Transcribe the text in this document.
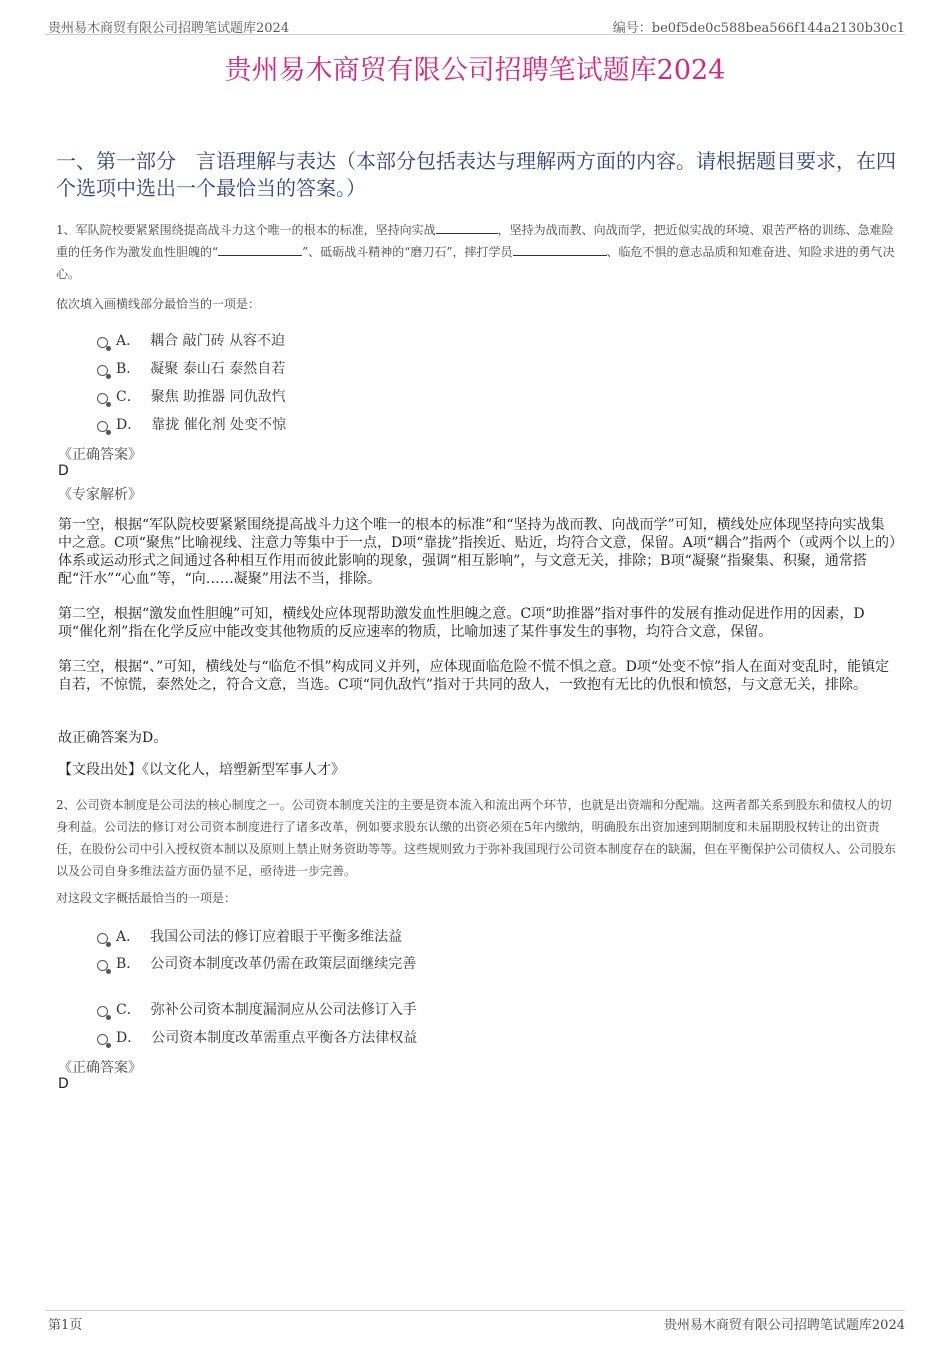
贵州易木商贸有限公司招聘笔试题库2024	编号：be0f5de0c588bea566f144a2130b30c1
贵州易木商贸有限公司招聘笔试题库2024
一、第一部分　言语理解与表达（本部分包括表达与理解两方面的内容。请根据题目要求，在四个选项中选出一个最恰当的答案。）

1、军队院校要紧紧围绕提高战斗力这个唯一的根本的标准，坚持向实战	，坚持为战而教、向战而学，把近似实战的环境、艰苦严格的训练、急难险重的任务作为激发血性胆魄的“	”、砥砺战斗精神的“磨刀石”，摔打学员	、临危不惧的意志品质和知难奋进、知险求进的勇气决心。

依次填入画横线部分最恰当的一项是：

A． 耦合 敲门砖 从容不迫
B． 凝聚 泰山石 泰然自若
C． 聚焦 助推器 同仇敌忾
D． 靠拢 催化剂 处变不惊
《正确答案》
D
《专家解析》

第一空，根据“军队院校要紧紧围绕提高战斗力这个唯一的根本的标准”和“坚持为战而教、向战而学”可知，横线处应体现坚持向实战集中之意。C项“聚焦”比喻视线、注意力等集中于一点，D项“靠拢”指挨近、贴近，均符合文意，保留。A项“耦合”指两个（或两个以上的）体系或运动形式之间通过各种相互作用而彼此影响的现象，强调“相互影响”，与文意无关，排除；B项“凝聚”指聚集、积聚，通常搭配“汗水”“心血”等，“向……凝聚”用法不当，排除。

第二空，根据“激发血性胆魄”可知，横线处应体现帮助激发血性胆魄之意。C项“助推器”指对事件的发展有推动促进作用的因素，D项“催化剂”指在化学反应中能改变其他物质的反应速率的物质，比喻加速了某件事发生的事物，均符合文意，保留。

第三空，根据“、”可知，横线处与“临危不惧”构成同义并列，应体现面临危险不慌不惧之意。D项“处变不惊”指人在面对变乱时，能镇定自若，不惊慌，泰然处之，符合文意，当选。C项“同仇敌忾”指对于共同的敌人，一致抱有无比的仇恨和愤怒，与文意无关，排除。

故正确答案为D。

【文段出处】《以文化人，培塑新型军事人才》

2、公司资本制度是公司法的核心制度之一。公司资本制度关注的主要是资本流入和流出两个环节，也就是出资端和分配端。这两者都关系到股东和债权人的切身利益。公司法的修订对公司资本制度进行了诸多改革，例如要求股东认缴的出资必须在5年内缴纳，明确股东出资加速到期制度和未届期股权转让的出资责任，在股份公司中引入授权资本制以及原则上禁止财务资助等等。这些规则致力于弥补我国现行公司资本制度存在的缺漏，但在平衡保护公司债权人、公司股东以及公司自身多维法益方面仍显不足，亟待进一步完善。

对这段文字概括最恰当的一项是：

A． 我国公司法的修订应着眼于平衡多维法益
B． 公司资本制度改革仍需在政策层面继续完善
C． 弥补公司资本制度漏洞应从公司法修订入手
D． 公司资本制度改革需重点平衡各方法律权益
《正确答案》
D
第1页	贵州易木商贸有限公司招聘笔试题库2024
